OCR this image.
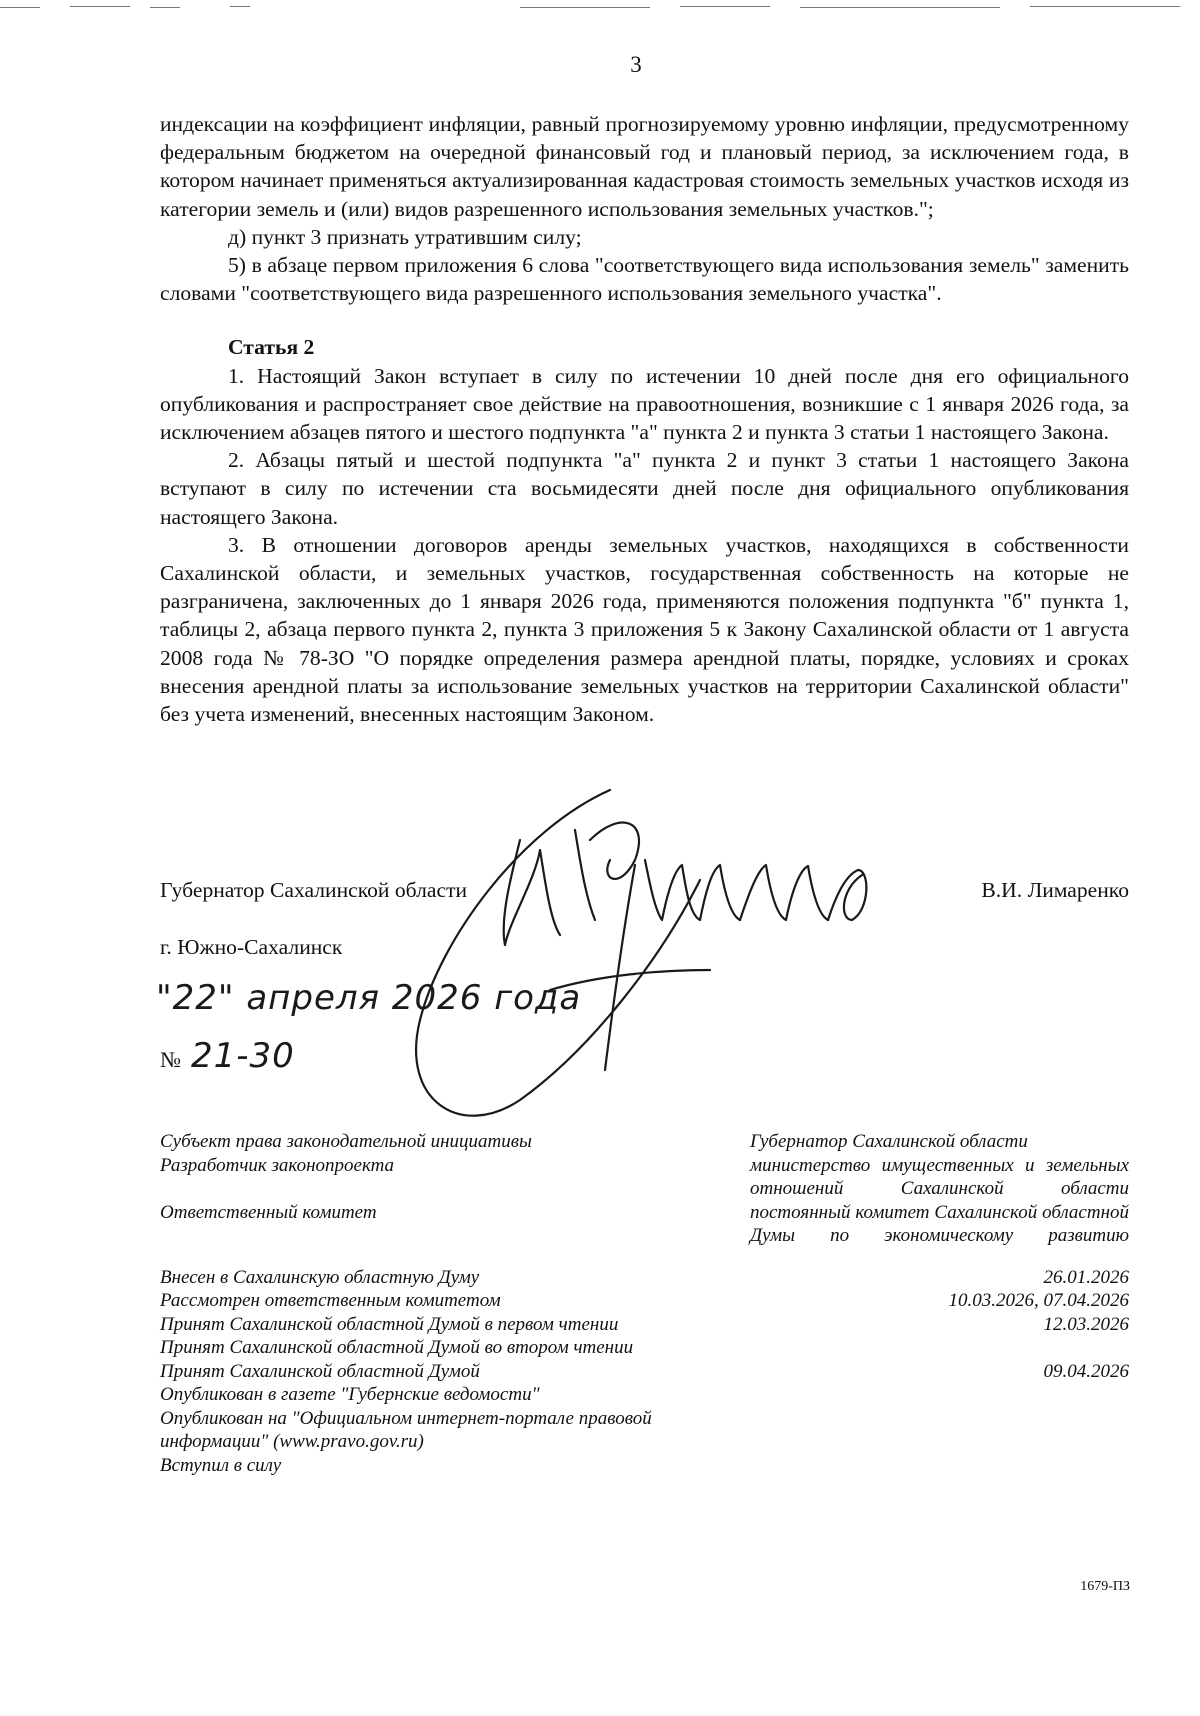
3

индексации на коэффициент инфляции, равный прогнозируемому уровню инфляции, предусмотренному федеральным бюджетом на очередной финансовый год и плановый период, за исключением года, в котором начинает применяться актуализированная кадастровая стоимость земельных участков исходя из категории земель и (или) видов разрешенного использования земельных участков.";

д) пункт 3 признать утратившим силу;

5) в абзаце первом приложения 6 слова "соответствующего вида использования земель" заменить словами "соответствующего вида разрешенного использования земельного участка".

Статья 2

1. Настоящий Закон вступает в силу по истечении 10 дней после дня его официального опубликования и распространяет свое действие на правоотношения, возникшие с 1 января 2026 года, за исключением абзацев пятого и шестого подпункта "а" пункта 2 и пункта 3 статьи 1 настоящего Закона.

2. Абзацы пятый и шестой подпункта "а" пункта 2 и пункт 3 статьи 1 настоящего Закона вступают в силу по истечении ста восьмидесяти дней после дня официального опубликования настоящего Закона.

3. В отношении договоров аренды земельных участков, находящихся в собственности Сахалинской области, и земельных участков, государственная собственность на которые не разграничена, заключенных до 1 января 2026 года, применяются положения подпункта "б" пункта 1, таблицы 2, абзаца первого пункта 2, пункта 3 приложения 5 к Закону Сахалинской области от 1 августа 2008 года № 78-ЗО "О порядке определения размера арендной платы, порядке, условиях и сроках внесения арендной платы за использование земельных участков на территории Сахалинской области" без учета изменений, внесенных настоящим Законом.

Губернатор Сахалинской области	В.И. Лимаренко
г. Южно-Сахалинск
"22" апреля 2026 года
№ 21-30
Субъект права законодательной инициативы	Губернатор Сахалинской области
Разработчик законопроекта	министерство имущественных и земельных отношений Сахалинской области
Ответственный комитет	постоянный комитет Сахалинской областной Думы по экономическому развитию
Внесен в Сахалинскую областную Думу	26.01.2026
Рассмотрен ответственным комитетом	10.03.2026, 07.04.2026
Принят Сахалинской областной Думой в первом чтении	12.03.2026
Принят Сахалинской областной Думой во втором чтении
Принят Сахалинской областной Думой	09.04.2026
Опубликован в газете "Губернские ведомости"
Опубликован на "Официальном интернет-портале правовой информации" (www.pravo.gov.ru)
Вступил в силу
1679-ПЗ
